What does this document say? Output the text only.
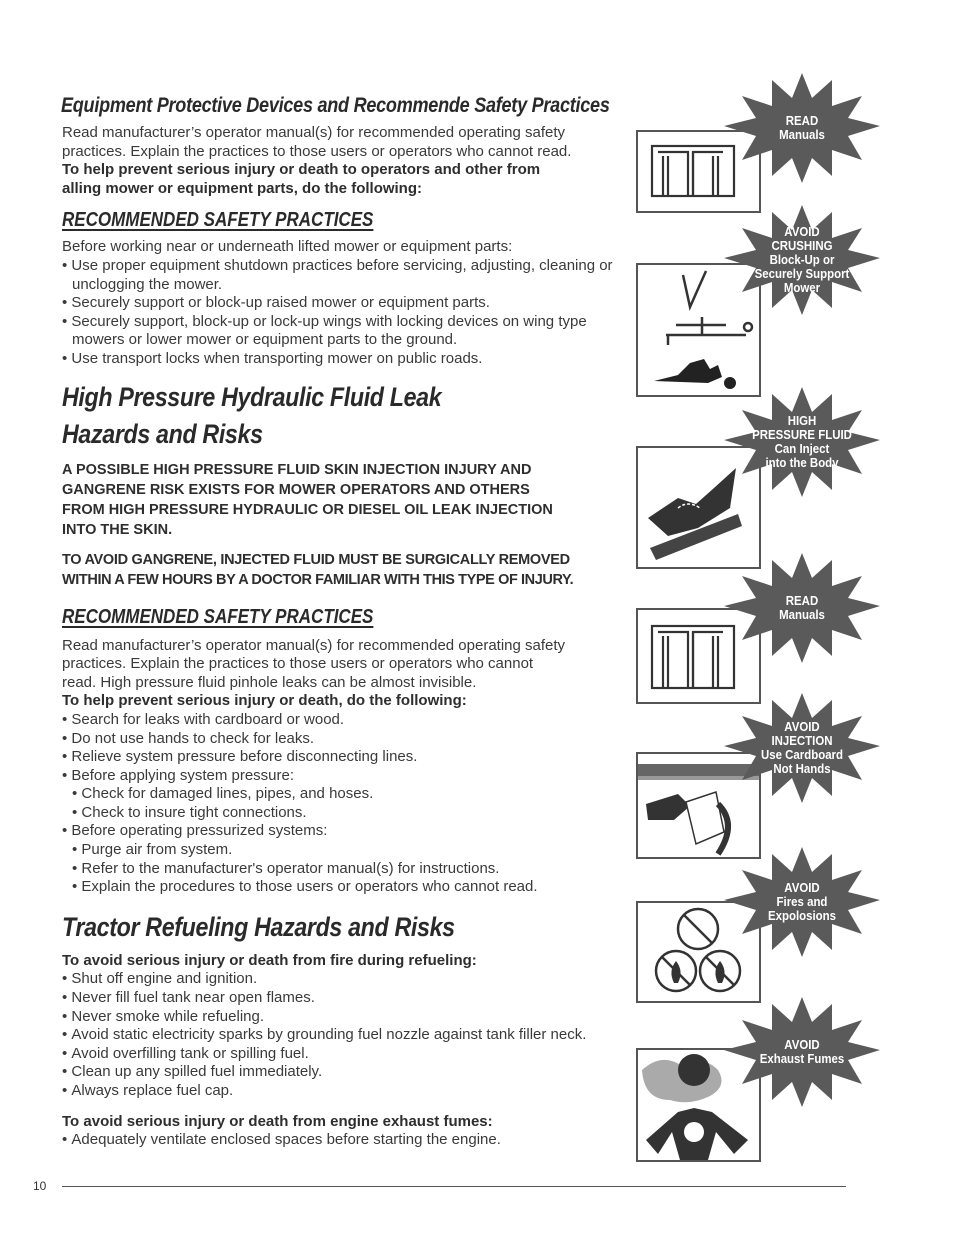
Equipment Protective Devices and Recommende Safety Practices

Read manufacturer’s operator manual(s) for recommended operating safety

practices. Explain the practices to those users or operators who cannot read.

To help prevent serious injury or death to operators and other from

alling mower or equipment parts, do the following:

RECOMMENDED SAFETY PRACTICES

Before working near or underneath lifted mower or equipment parts:

• Use proper equipment shutdown practices before servicing, adjusting, cleaning or unclogging the mower.
• Securely support or block-up raised mower or equipment parts.
• Securely support, block-up or lock-up wings with locking devices on wing type mowers or lower mower or equipment parts to the ground.
• Use transport locks when transporting mower on public roads.
High Pressure Hydraulic Fluid Leak
Hazards and Risks

A POSSIBLE HIGH PRESSURE FLUID SKIN INJECTION INJURY AND

GANGRENE RISK EXISTS FOR MOWER OPERATORS AND OTHERS

FROM HIGH PRESSURE HYDRAULIC OR DIESEL OIL LEAK INJECTION

INTO THE SKIN.

TO AVOID GANGRENE, INJECTED FLUID MUST BE SURGICALLY REMOVED

WITHIN A FEW HOURS BY A DOCTOR FAMILIAR WITH THIS TYPE OF INJURY.

RECOMMENDED SAFETY PRACTICES

Read manufacturer’s operator manual(s) for recommended operating safety

practices. Explain the practices to those users or operators who cannot

read. High pressure fluid pinhole leaks can be almost invisible.

To help prevent serious injury or death, do the following:

• Search for leaks with cardboard or wood.
• Do not use hands to check for leaks.
• Relieve system pressure before disconnecting lines.
• Before applying system pressure:
• Check for damaged lines, pipes, and hoses.
• Check to insure tight connections.
• Before operating pressurized systems:
• Purge air from system.
• Refer to the manufacturer's operator manual(s) for instructions.
• Explain the procedures to those users or operators who cannot read.
Tractor Refueling Hazards and Risks

To avoid serious injury or death from fire during refueling:

• Shut off engine and ignition.
• Never fill fuel tank near open flames.
• Never smoke while refueling.
• Avoid static electricity sparks by grounding fuel nozzle against tank filler neck.
• Avoid overfilling tank or spilling fuel.
• Clean up any spilled fuel immediately.
• Always replace fuel cap.

To avoid serious injury or death from engine exhaust fumes:

• Adequately ventilate enclosed spaces before starting the engine.
READ
Manuals
AVOID
CRUSHING
Block-Up or
Securely Support
Mower
HIGH
PRESSURE FLUID
Can Inject
into the Body
READ
Manuals
AVOID
INJECTION
Use Cardboard
Not Hands
AVOID
Fires and
Expolosions
AVOID
Exhaust Fumes
10
